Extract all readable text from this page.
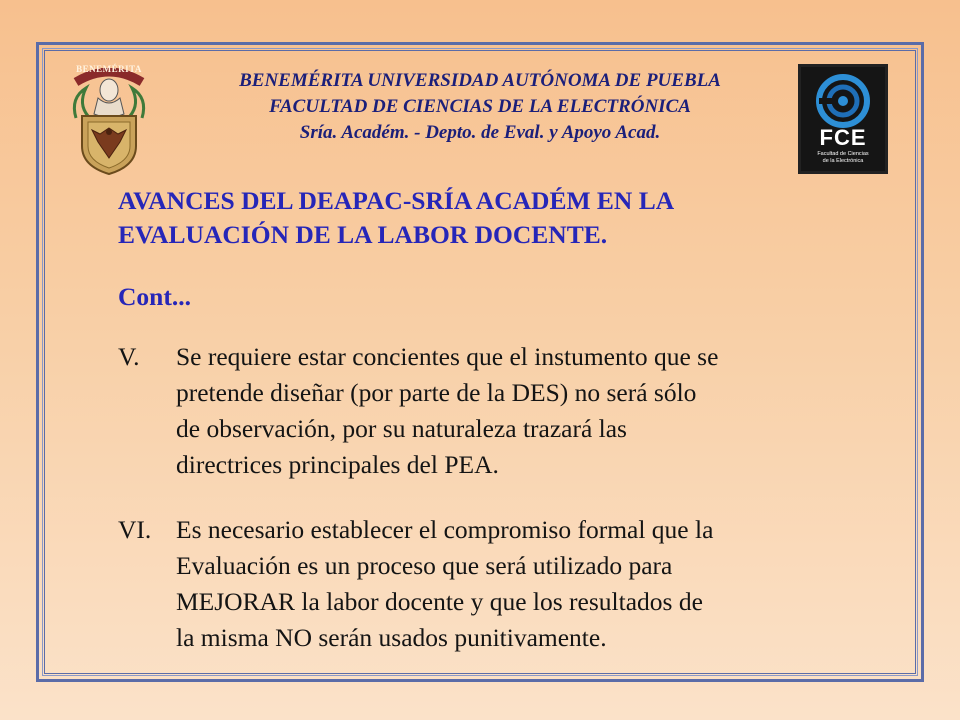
BENEMÉRITA
BENEMÉRITA UNIVERSIDAD AUTÓNOMA DE PUEBLA
FACULTAD DE CIENCIAS DE LA ELECTRÓNICA
Sría. Académ. - Depto. de Eval. y Apoyo Acad.	FCE
Facultad de Ciencias
de la Electrónica
AVANCES DEL DEAPAC-SRÍA ACADÉM EN LA
EVALUACIÓN DE LA LABOR DOCENTE.
Cont...
V. Se requiere estar concientes que el instumento que se
pretende diseñar (por parte de la DES) no será sólo
de observación, por su naturaleza trazará las
directrices principales del PEA.
VI. Es necesario establecer el compromiso formal que la
Evaluación es un proceso que será utilizado para
MEJORAR la labor docente y que los resultados de
la misma NO serán usados punitivamente.
